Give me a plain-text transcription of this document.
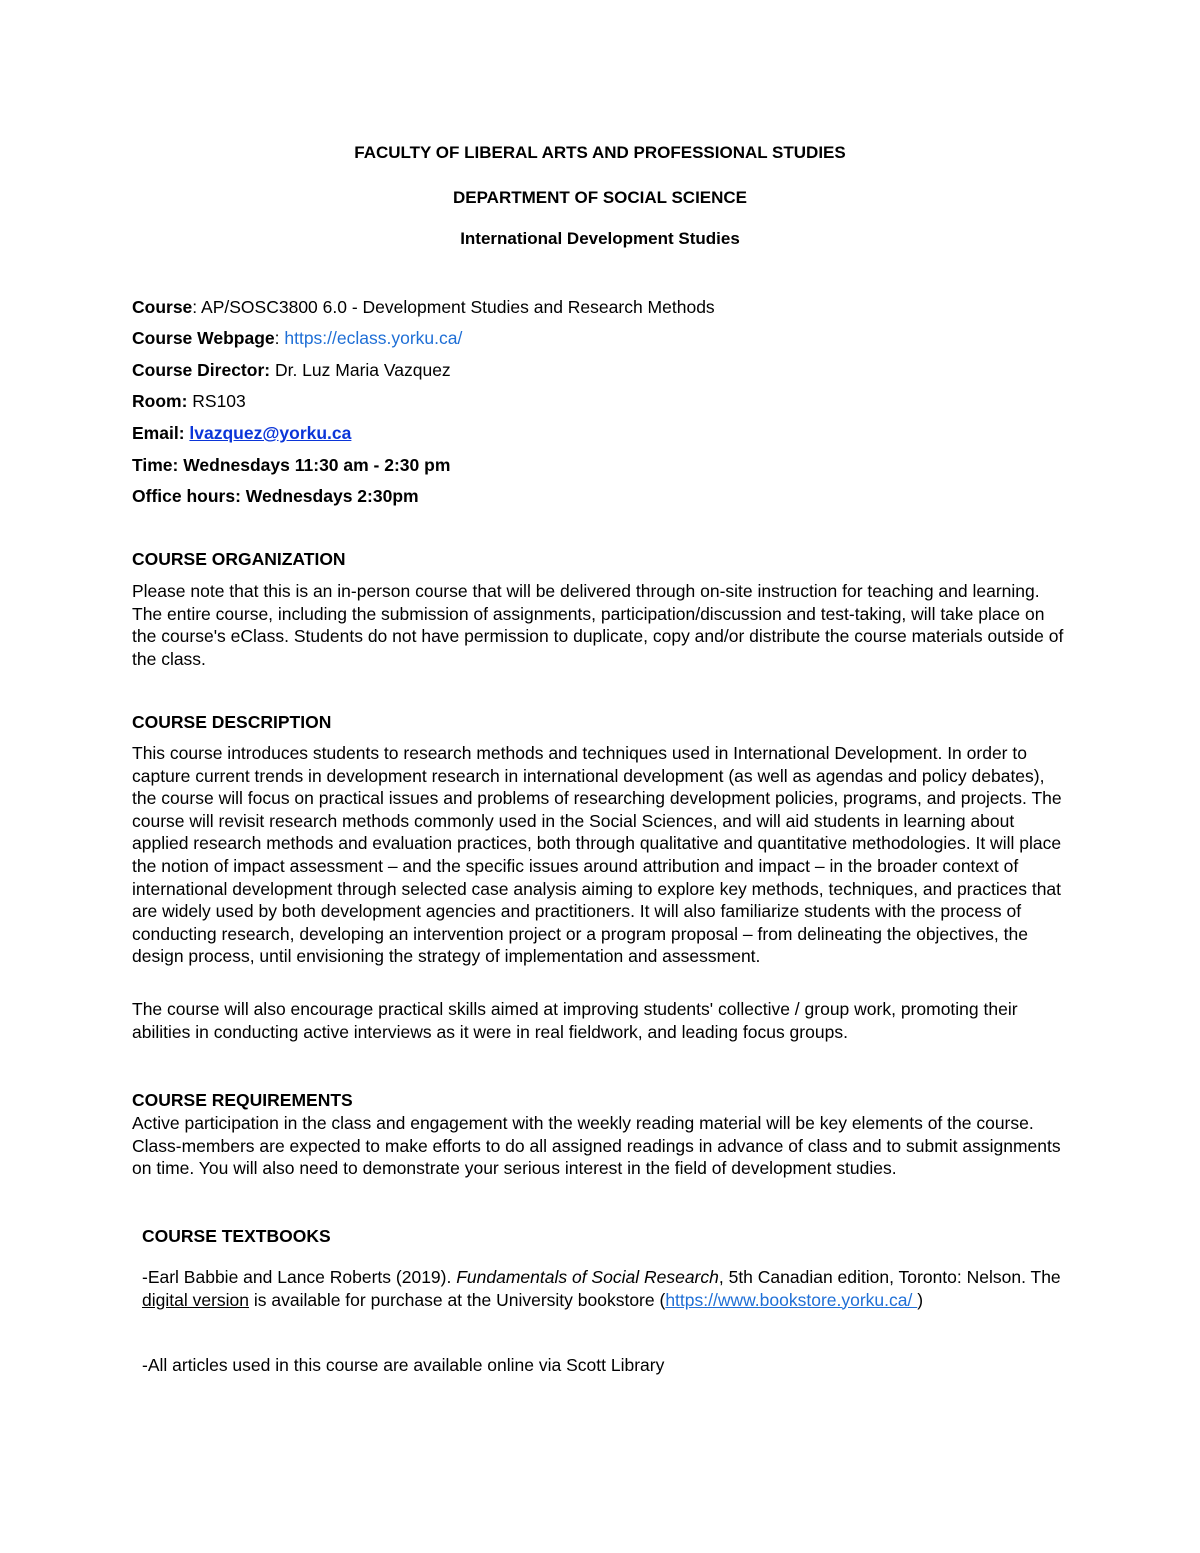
FACULTY OF LIBERAL ARTS AND PROFESSIONAL STUDIES
DEPARTMENT OF SOCIAL SCIENCE
International Development Studies
Course: AP/SOSC3800 6.0 - Development Studies and Research Methods
Course Webpage: https://eclass.yorku.ca/
Course Director: Dr. Luz Maria Vazquez
Room: RS103
Email: lvazquez@yorku.ca
Time: Wednesdays 11:30 am - 2:30 pm
Office hours: Wednesdays 2:30pm
COURSE ORGANIZATION

Please note that this is an in-person course that will be delivered through on-site instruction for teaching and learning. The entire course, including the submission of assignments, participation/discussion and test-taking, will take place on the course's eClass. Students do not have permission to duplicate, copy and/or distribute the course materials outside of the class.

COURSE DESCRIPTION

This course introduces students to research methods and techniques used in International Development. In order to capture current trends in development research in international development (as well as agendas and policy debates), the course will focus on practical issues and problems of researching development policies, programs, and projects. The course will revisit research methods commonly used in the Social Sciences, and will aid students in learning about applied research methods and evaluation practices, both through qualitative and quantitative methodologies. It will place the notion of impact assessment – and the specific issues around attribution and impact – in the broader context of international development through selected case analysis aiming to explore key methods, techniques, and practices that are widely used by both development agencies and practitioners. It will also familiarize students with the process of conducting research, developing an intervention project or a program proposal – from delineating the objectives, the design process, until envisioning the strategy of implementation and assessment.

The course will also encourage practical skills aimed at improving students' collective / group work, promoting their abilities in conducting active interviews as it were in real fieldwork, and leading focus groups.

COURSE REQUIREMENTS

Active participation in the class and engagement with the weekly reading material will be key elements of the course. Class-members are expected to make efforts to do all assigned readings in advance of class and to submit assignments on time. You will also need to demonstrate your serious interest in the field of development studies.

COURSE TEXTBOOKS

-Earl Babbie and Lance Roberts (2019). Fundamentals of Social Research, 5th Canadian edition, Toronto: Nelson. The digital version is available for purchase at the University bookstore (https://www.bookstore.yorku.ca/ )

-All articles used in this course are available online via Scott Library
